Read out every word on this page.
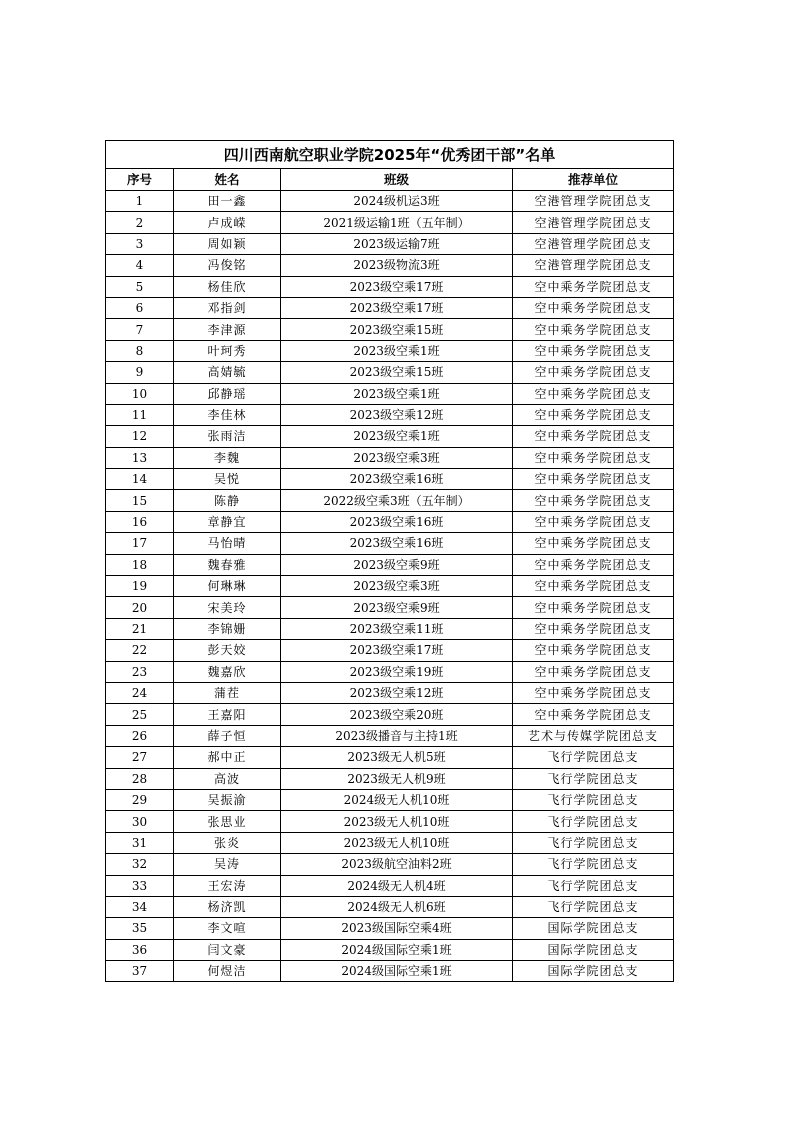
四川西南航空职业学院2025年“优秀团干部”名单			
序号	姓名	班级	推荐单位
1	田一鑫	2024级机运3班	空港管理学院团总支
2	卢成嵘	2021级运输1班（五年制）	空港管理学院团总支
3	周如颖	2023级运输7班	空港管理学院团总支
4	冯俊铭	2023级物流3班	空港管理学院团总支
5	杨佳欣	2023级空乘17班	空中乘务学院团总支
6	邓指剑	2023级空乘17班	空中乘务学院团总支
7	李津源	2023级空乘15班	空中乘务学院团总支
8	叶珂秀	2023级空乘1班	空中乘务学院团总支
9	高婧毓	2023级空乘15班	空中乘务学院团总支
10	邱静瑶	2023级空乘1班	空中乘务学院团总支
11	李佳林	2023级空乘12班	空中乘务学院团总支
12	张雨洁	2023级空乘1班	空中乘务学院团总支
13	李魏	2023级空乘3班	空中乘务学院团总支
14	吴悦	2023级空乘16班	空中乘务学院团总支
15	陈静	2022级空乘3班（五年制）	空中乘务学院团总支
16	章静宜	2023级空乘16班	空中乘务学院团总支
17	马怡晴	2023级空乘16班	空中乘务学院团总支
18	魏春雅	2023级空乘9班	空中乘务学院团总支
19	何琳琳	2023级空乘3班	空中乘务学院团总支
20	宋美玲	2023级空乘9班	空中乘务学院团总支
21	李锦姗	2023级空乘11班	空中乘务学院团总支
22	彭天姣	2023级空乘17班	空中乘务学院团总支
23	魏嘉欣	2023级空乘19班	空中乘务学院团总支
24	蒲茬	2023级空乘12班	空中乘务学院团总支
25	王嘉阳	2023级空乘20班	空中乘务学院团总支
26	薛子恒	2023级播音与主持1班	艺术与传媒学院团总支
27	郝中正	2023级无人机5班	飞行学院团总支
28	高波	2023级无人机9班	飞行学院团总支
29	吴振渝	2024级无人机10班	飞行学院团总支
30	张思业	2023级无人机10班	飞行学院团总支
31	张炎	2023级无人机10班	飞行学院团总支
32	吴涛	2023级航空油料2班	飞行学院团总支
33	王宏涛	2024级无人机4班	飞行学院团总支
34	杨济凯	2024级无人机6班	飞行学院团总支
35	李文喧	2023级国际空乘4班	国际学院团总支
36	闫文豪	2024级国际空乘1班	国际学院团总支
37	何煜洁	2024级国际空乘1班	国际学院团总支
